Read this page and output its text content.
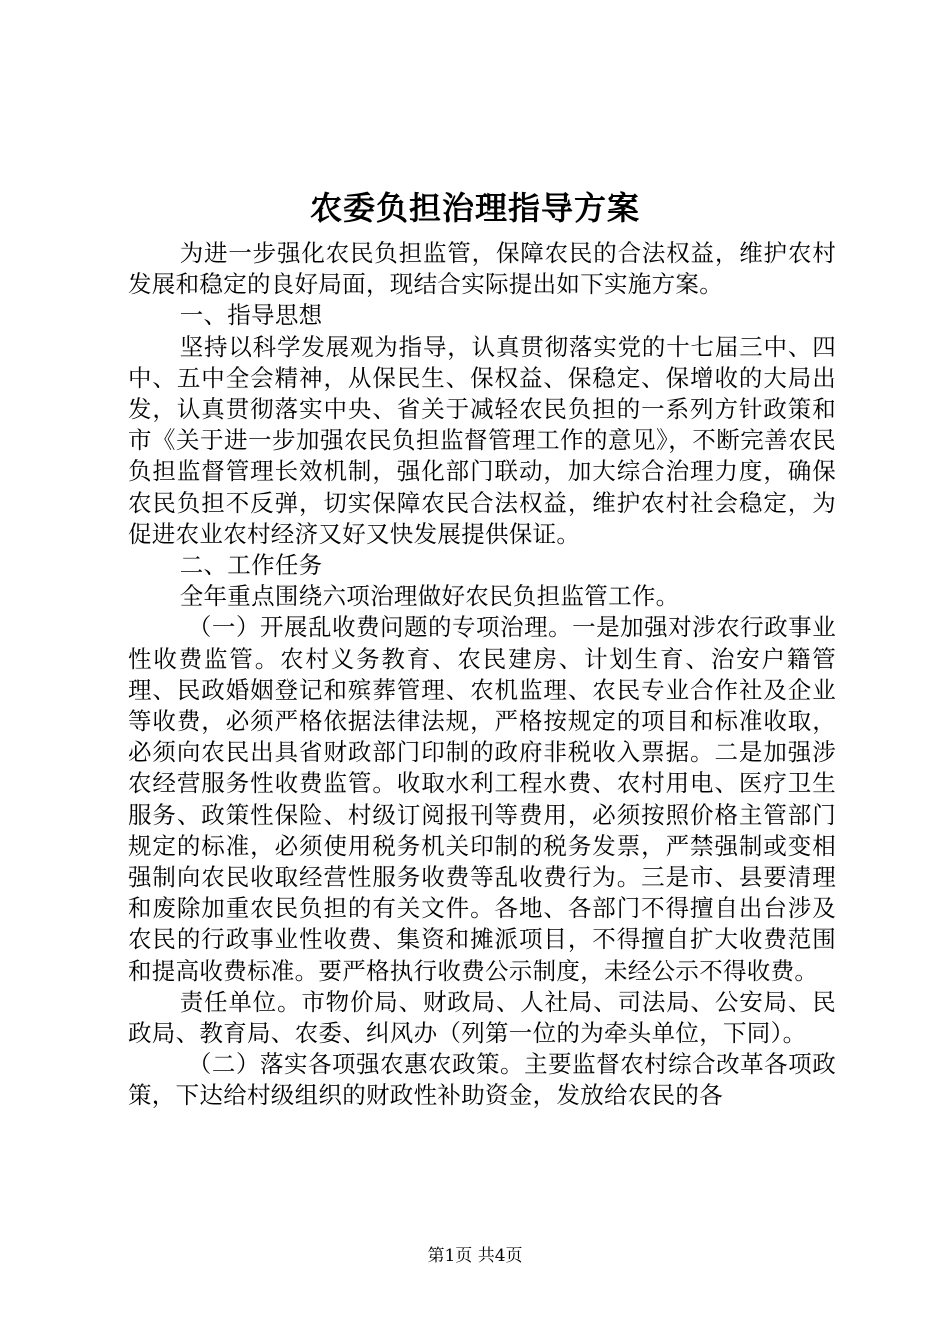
农委负担治理指导方案

为进一步强化农民负担监管，保障农民的合法权益，维护农村发展和稳定的良好局面，现结合实际提出如下实施方案。

一、指导思想

坚持以科学发展观为指导，认真贯彻落实党的十七届三中、四中、五中全会精神，从保民生、保权益、保稳定、保增收的大局出发，认真贯彻落实中央、省关于减轻农民负担的一系列方针政策和市《关于进一步加强农民负担监督管理工作的意见》，不断完善农民负担监督管理长效机制，强化部门联动，加大综合治理力度，确保农民负担不反弹，切实保障农民合法权益，维护农村社会稳定，为促进农业农村经济又好又快发展提供保证。

二、工作任务

全年重点围绕六项治理做好农民负担监管工作。

（一）开展乱收费问题的专项治理。一是加强对涉农行政事业性收费监管。农村义务教育、农民建房、计划生育、治安户籍管理、民政婚姻登记和殡葬管理、农机监理、农民专业合作社及企业等收费，必须严格依据法律法规，严格按规定的项目和标准收取，必须向农民出具省财政部门印制的政府非税收入票据。二是加强涉农经营服务性收费监管。收取水利工程水费、农村用电、医疗卫生服务、政策性保险、村级订阅报刊等费用，必须按照价格主管部门规定的标准，必须使用税务机关印制的税务发票，严禁强制或变相强制向农民收取经营性服务收费等乱收费行为。三是市、县要清理和废除加重农民负担的有关文件。各地、各部门不得擅自出台涉及农民的行政事业性收费、集资和摊派项目，不得擅自扩大收费范围和提高收费标准。要严格执行收费公示制度，未经公示不得收费。

责任单位。市物价局、财政局、人社局、司法局、公安局、民政局、教育局、农委、纠风办（列第一位的为牵头单位，下同）。

（二）落实各项强农惠农政策。主要监督农村综合改革各项政策，下达给村级组织的财政性补助资金，发放给农民的各

第1页 共4页
